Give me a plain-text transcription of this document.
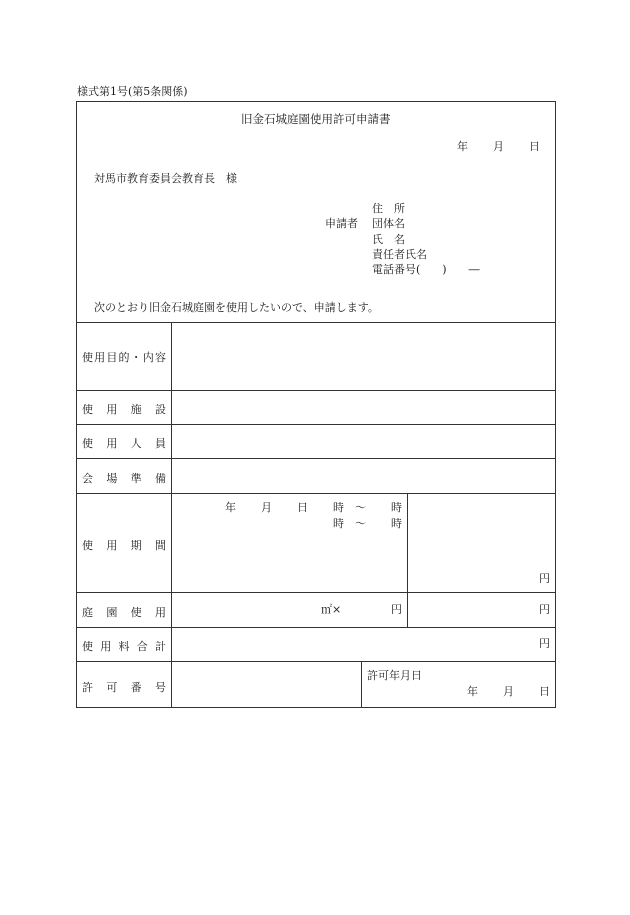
様式第1号(第5条関係)
旧金石城庭園使用許可申請書
年 月 日
対馬市教育委員会教育長　様
申請者
住　所
団体名
氏　名
責任者氏名
電話番号(　　)　　―
次のとおり旧金石城庭園を使用したいので、申請します。
使 用 目 的 ・ 内 容
使 用 施 設
使 用 人 員
会 場 準 備
使 用 期 間
庭 園 使 用
使 用 料 合 計
許 可 番 号
年 月 日 時 〜 時
時 〜 時
円
㎡×	円	円
円
許可年月日
年 月 日
